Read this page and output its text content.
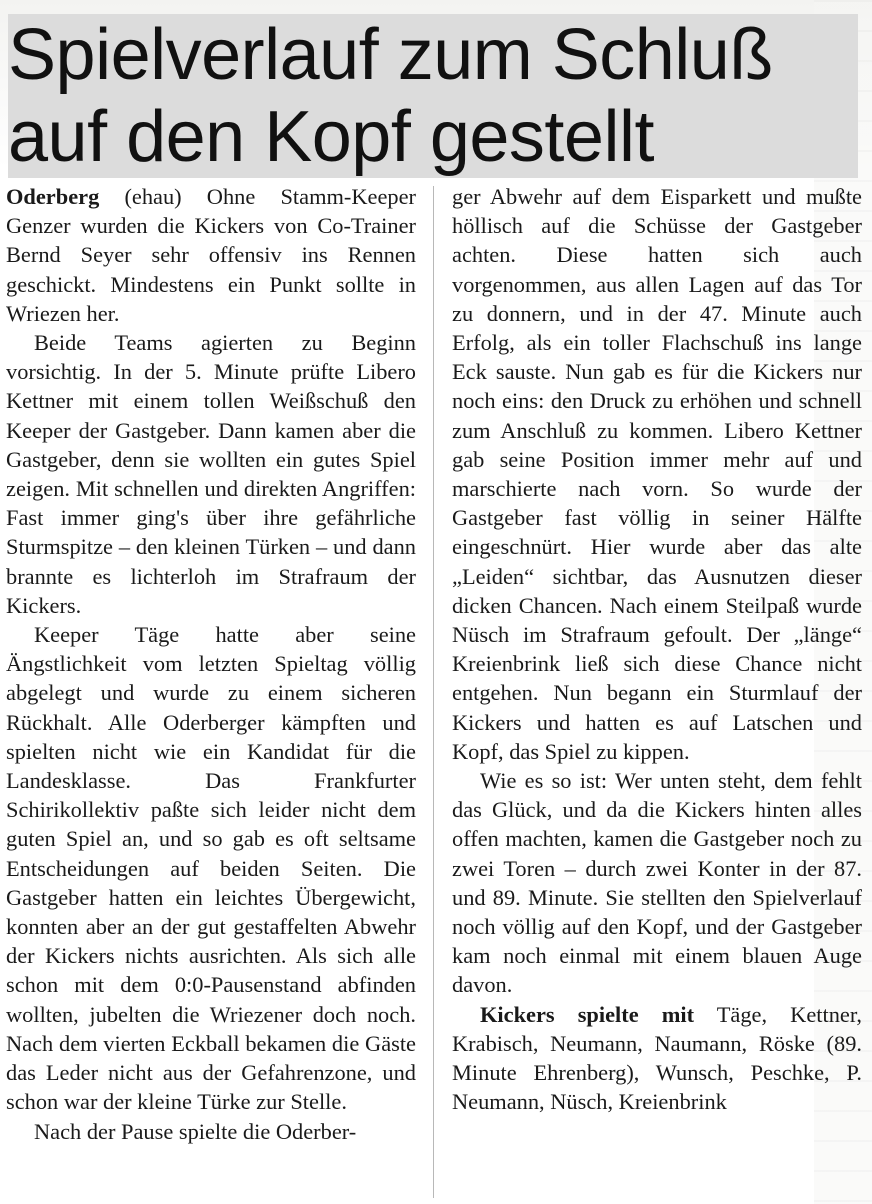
Spielverlauf zum Schluß
auf den Kopf gestellt

Oderberg (ehau) Ohne Stamm-Keeper Genzer wurden die Kickers von Co-Trainer Bernd Seyer sehr offensiv ins Rennen geschickt. Mindestens ein Punkt sollte in Wriezen her.

Beide Teams agierten zu Beginn vorsichtig. In der 5. Minute prüfte Libero Kettner mit einem tollen Weißschuß den Keeper der Gastgeber. Dann kamen aber die Gastgeber, denn sie wollten ein gutes Spiel zeigen. Mit schnellen und direkten Angriffen: Fast immer ging's über ihre gefährliche Sturmspitze – den kleinen Türken – und dann brannte es lichterloh im Strafraum der Kickers.

Keeper Täge hatte aber seine Ängstlichkeit vom letzten Spieltag völlig abgelegt und wurde zu einem sicheren Rückhalt. Alle Oderberger kämpften und spielten nicht wie ein Kandidat für die Landesklasse. Das Frankfurter Schirikollektiv paßte sich leider nicht dem guten Spiel an, und so gab es oft seltsame Entscheidungen auf beiden Seiten. Die Gastgeber hatten ein leichtes Übergewicht, konnten aber an der gut gestaffelten Abwehr der Kickers nichts ausrichten. Als sich alle schon mit dem 0:0-Pausenstand abfinden wollten, jubelten die Wriezener doch noch. Nach dem vierten Eckball bekamen die Gäste das Leder nicht aus der Gefahrenzone, und schon war der kleine Türke zur Stelle.

Nach der Pause spielte die Oderber-

ger Abwehr auf dem Eisparkett und mußte höllisch auf die Schüsse der Gastgeber achten. Diese hatten sich auch vorgenommen, aus allen Lagen auf das Tor zu donnern, und in der 47. Minute auch Erfolg, als ein toller Flachschuß ins lange Eck sauste. Nun gab es für die Kickers nur noch eins: den Druck zu erhöhen und schnell zum Anschluß zu kommen. Libero Kettner gab seine Position immer mehr auf und marschierte nach vorn. So wurde der Gastgeber fast völlig in seiner Hälfte eingeschnürt. Hier wurde aber das alte „Leiden“ sichtbar, das Ausnutzen dieser dicken Chancen. Nach einem Steilpaß wurde Nüsch im Strafraum gefoult. Der „länge“ Kreienbrink ließ sich diese Chance nicht entgehen. Nun begann ein Sturmlauf der Kickers und hatten es auf Latschen und Kopf, das Spiel zu kippen.

Wie es so ist: Wer unten steht, dem fehlt das Glück, und da die Kickers hinten alles offen machten, kamen die Gastgeber noch zu zwei Toren – durch zwei Konter in der 87. und 89. Minute. Sie stellten den Spielverlauf noch völlig auf den Kopf, und der Gastgeber kam noch einmal mit einem blauen Auge davon.

Kickers spielte mit Täge, Kettner, Krabisch, Neumann, Naumann, Röske (89. Minute Ehrenberg), Wunsch, Peschke, P. Neumann, Nüsch, Kreienbrink
